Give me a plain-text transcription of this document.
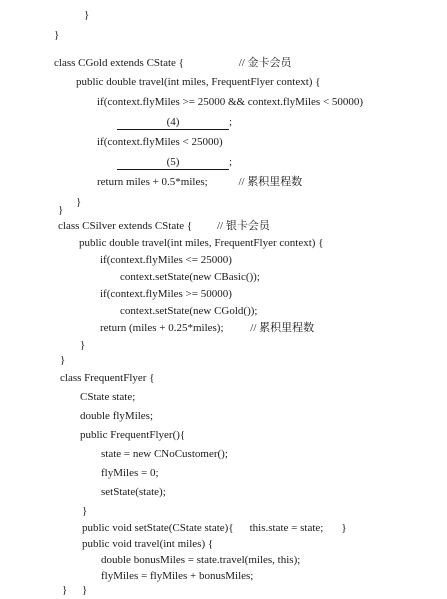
}
}
class CGold extends CState {	// 金卡会员
public double travel(int miles, FrequentFlyer context) {
if(context.flyMiles >= 25000 && context.flyMiles < 50000)
(4)	;
if(context.flyMiles < 25000)
(5)	;
return miles + 0.5*miles;	// 累积里程数
}
}
class CSilver extends CState { // 银卡会员
public double travel(int miles, FrequentFlyer context) {
if(context.flyMiles <= 25000)
context.setState(new CBasic());
if(context.flyMiles >= 50000)
context.setState(new CGold());
return (miles + 0.25*miles); // 累积里程数
}
}
class FrequentFlyer {
CState state;
double flyMiles;
public FrequentFlyer(){
state = new CNoCustomer();
flyMiles = 0;
setState(state);
}
public void setState(CState state){ this.state = state; }
public void travel(int miles) {
double bonusMiles = state.travel(miles, this);
flyMiles = flyMiles + bonusMiles;
}
}
